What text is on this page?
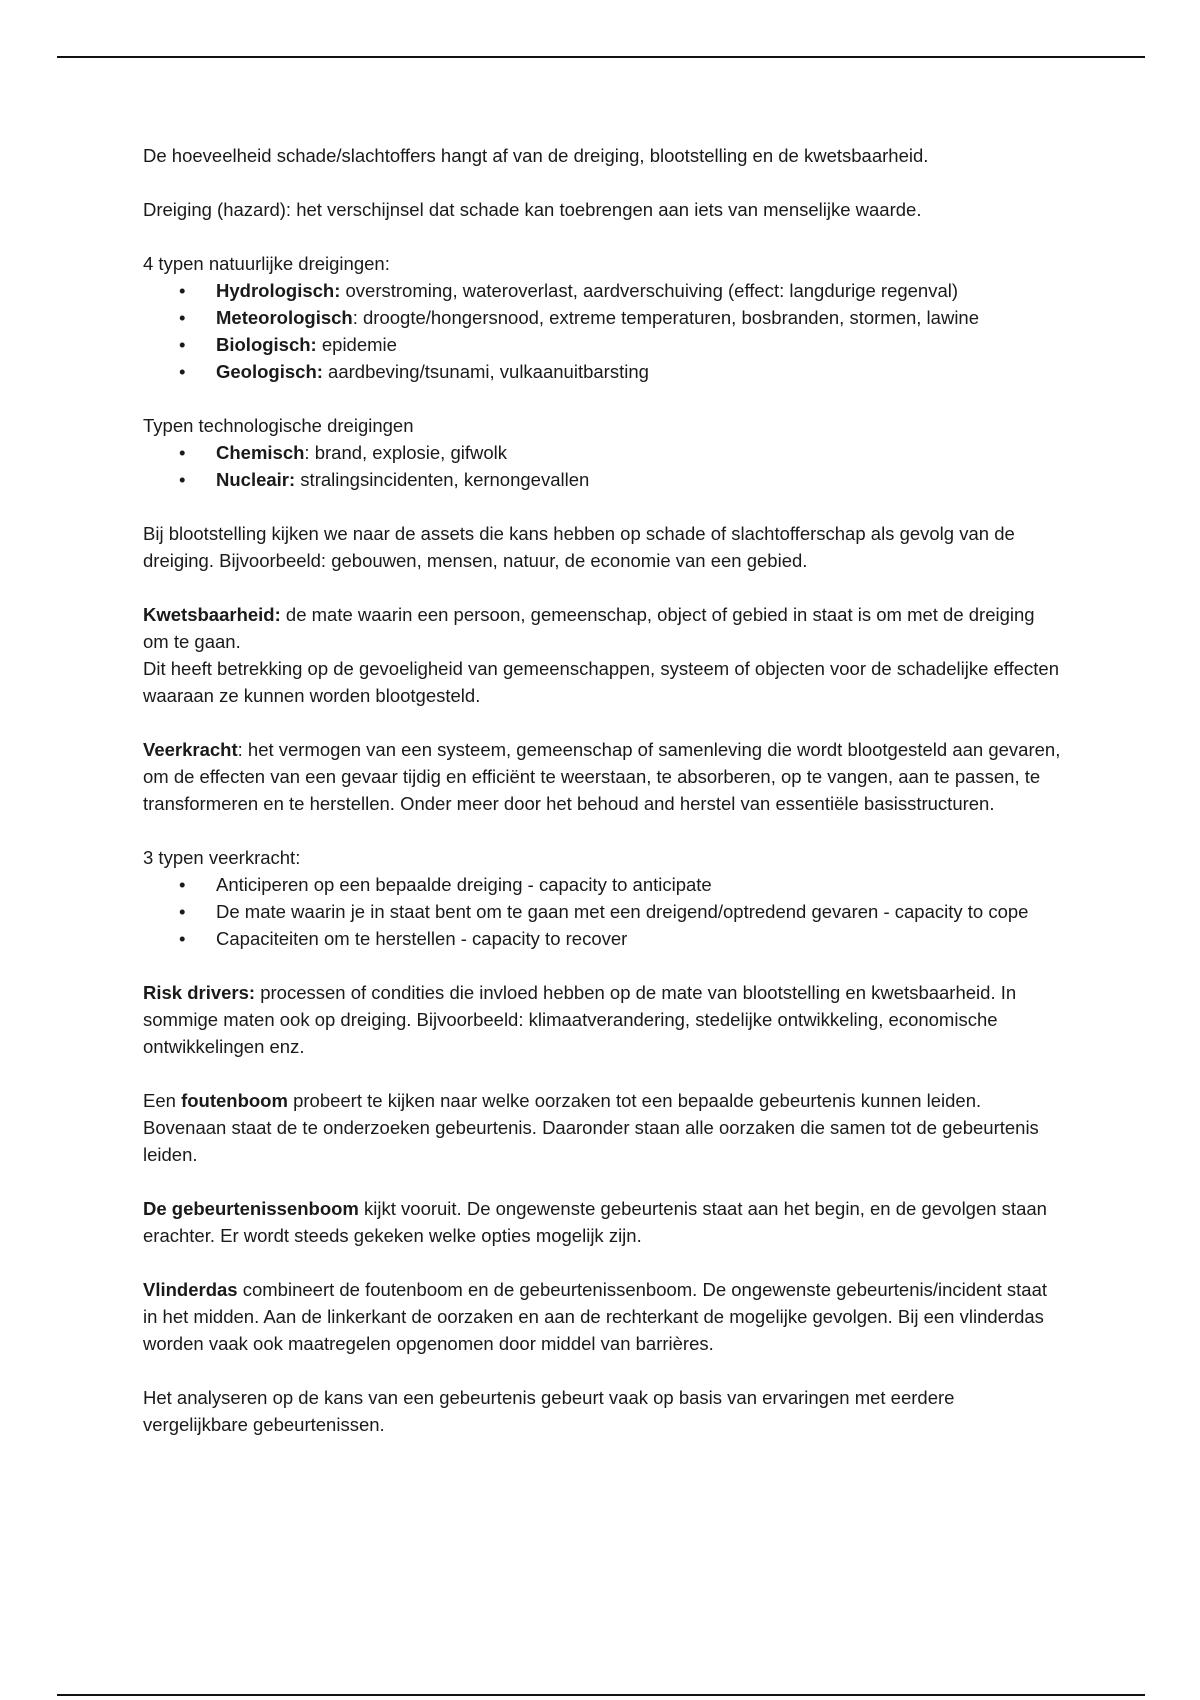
De hoeveelheid schade/slachtoffers hangt af van de dreiging, blootstelling en de kwetsbaarheid.

Dreiging (hazard): het verschijnsel dat schade kan toebrengen aan iets van menselijke waarde.

4 typen natuurlijke dreigingen:

• Hydrologisch: overstroming, wateroverlast, aardverschuiving (effect: langdurige regenval)
• Meteorologisch: droogte/hongersnood, extreme temperaturen, bosbranden, stormen, lawine
• Biologisch: epidemie
• Geologisch: aardbeving/tsunami, vulkaanuitbarsting

Typen technologische dreigingen

• Chemisch: brand, explosie, gifwolk
• Nucleair: stralingsincidenten, kernongevallen

Bij blootstelling kijken we naar de assets die kans hebben op schade of slachtofferschap als gevolg van de dreiging. Bijvoorbeeld: gebouwen, mensen, natuur, de economie van een gebied.

Kwetsbaarheid: de mate waarin een persoon, gemeenschap, object of gebied in staat is om met de dreiging om te gaan.

Dit heeft betrekking op de gevoeligheid van gemeenschappen, systeem of objecten voor de schadelijke effecten waaraan ze kunnen worden blootgesteld.

Veerkracht: het vermogen van een systeem, gemeenschap of samenleving die wordt blootgesteld aan gevaren, om de effecten van een gevaar tijdig en efficiënt te weerstaan, te absorberen, op te vangen, aan te passen, te transformeren en te herstellen. Onder meer door het behoud and herstel van essentiële basisstructuren.

3 typen veerkracht:

• Anticiperen op een bepaalde dreiging - capacity to anticipate
• De mate waarin je in staat bent om te gaan met een dreigend/optredend gevaren - capacity to cope
• Capaciteiten om te herstellen - capacity to recover

Risk drivers: processen of condities die invloed hebben op de mate van blootstelling en kwetsbaarheid. In sommige maten ook op dreiging. Bijvoorbeeld: klimaatverandering, stedelijke ontwikkeling, economische ontwikkelingen enz.

Een foutenboom probeert te kijken naar welke oorzaken tot een bepaalde gebeurtenis kunnen leiden. Bovenaan staat de te onderzoeken gebeurtenis. Daaronder staan alle oorzaken die samen tot de gebeurtenis leiden.

De gebeurtenissenboom kijkt vooruit. De ongewenste gebeurtenis staat aan het begin, en de gevolgen staan erachter. Er wordt steeds gekeken welke opties mogelijk zijn.

Vlinderdas combineert de foutenboom en de gebeurtenissenboom. De ongewenste gebeurtenis/incident staat in het midden. Aan de linkerkant de oorzaken en aan de rechterkant de mogelijke gevolgen. Bij een vlinderdas worden vaak ook maatregelen opgenomen door middel van barrières.

Het analyseren op de kans van een gebeurtenis gebeurt vaak op basis van ervaringen met eerdere vergelijkbare gebeurtenissen.
